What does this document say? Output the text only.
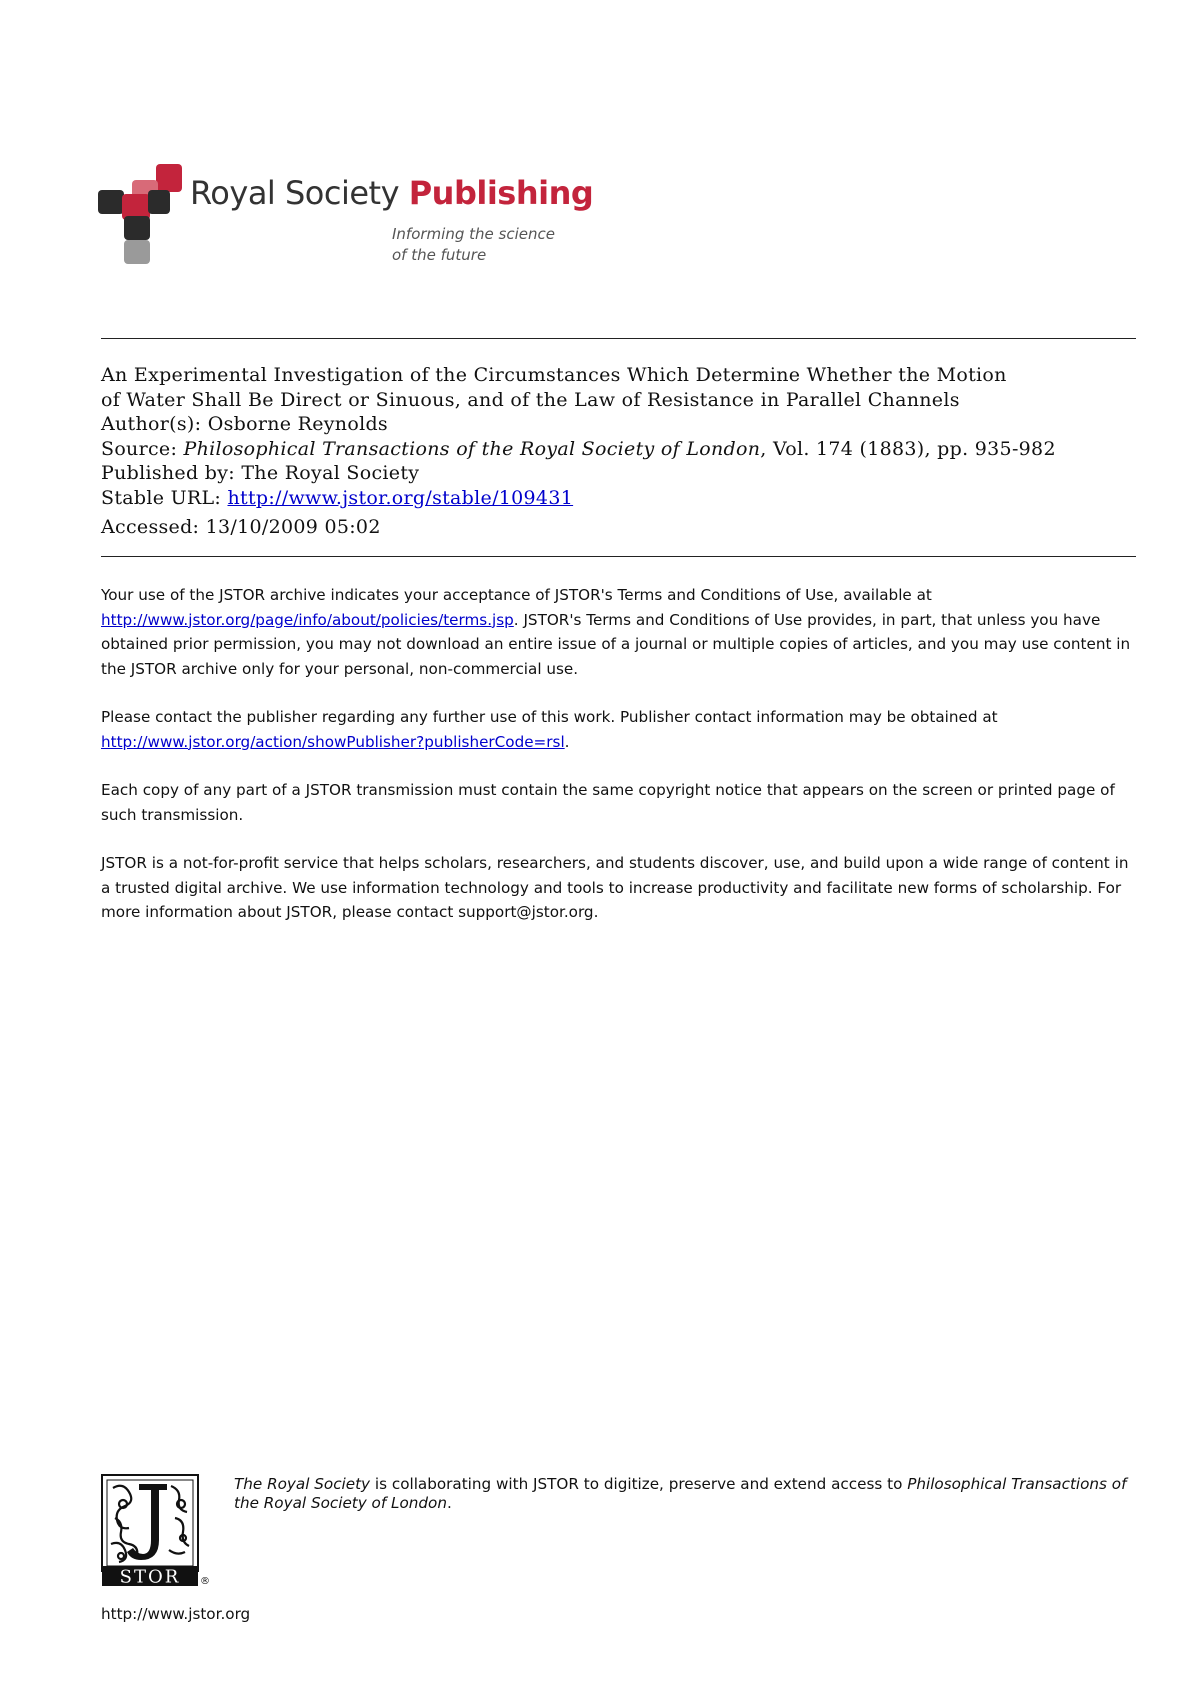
Royal Society Publishing
Informing the science
of the future
An Experimental Investigation of the Circumstances Which Determine Whether the Motion
of Water Shall Be Direct or Sinuous, and of the Law of Resistance in Parallel Channels
Author(s): Osborne Reynolds
Source: Philosophical Transactions of the Royal Society of London, Vol. 174 (1883), pp. 935-982
Published by: The Royal Society
Stable URL: http://www.jstor.org/stable/109431
Accessed: 13/10/2009 05:02

Your use of the JSTOR archive indicates your acceptance of JSTOR's Terms and Conditions of Use, available at
http://www.jstor.org/page/info/about/policies/terms.jsp. JSTOR's Terms and Conditions of Use provides, in part, that unless you have obtained prior permission, you may not download an entire issue of a journal or multiple copies of articles, and you may use content in the JSTOR archive only for your personal, non-commercial use.

Please contact the publisher regarding any further use of this work. Publisher contact information may be obtained at
http://www.jstor.org/action/showPublisher?publisherCode=rsl.

Each copy of any part of a JSTOR transmission must contain the same copyright notice that appears on the screen or printed page of such transmission.

JSTOR is a not-for-profit service that helps scholars, researchers, and students discover, use, and build upon a wide range of content in a trusted digital archive. We use information technology and tools to increase productivity and facilitate new forms of scholarship. For more information about JSTOR, please contact support@jstor.org.

STOR ®
The Royal Society is collaborating with JSTOR to digitize, preserve and extend access to Philosophical Transactions of the Royal Society of London.
http://www.jstor.org
